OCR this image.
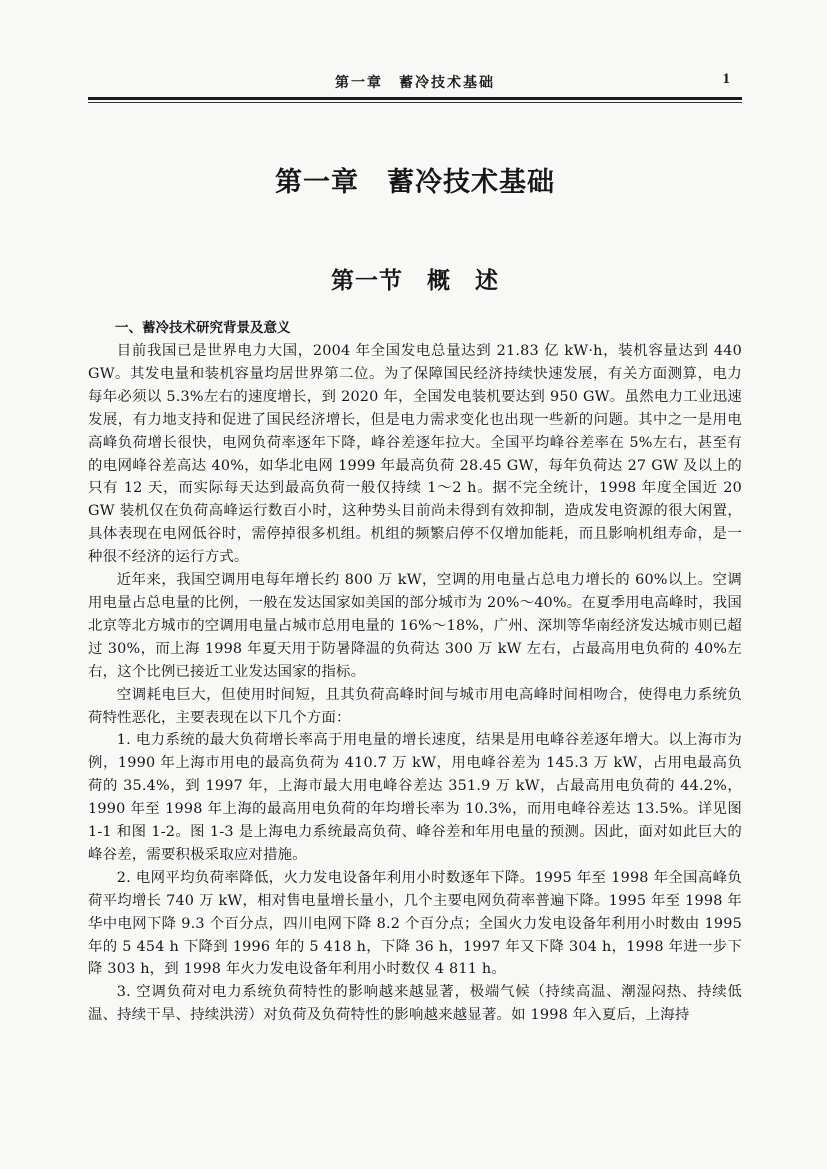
第一章　蓄冷技术基础	1
第一章　蓄冷技术基础
第一节　概　述
一、蓄冷技术研究背景及意义

目前我国已是世界电力大国，2004 年全国发电总量达到 21.83 亿 kW·h，装机容量达到 440 GW。其发电量和装机容量均居世界第二位。为了保障国民经济持续快速发展，有关方面测算，电力每年必须以 5.3%左右的速度增长，到 2020 年，全国发电装机要达到 950 GW。虽然电力工业迅速发展，有力地支持和促进了国民经济增长，但是电力需求变化也出现一些新的问题。其中之一是用电高峰负荷增长很快，电网负荷率逐年下降，峰谷差逐年拉大。全国平均峰谷差率在 5%左右，甚至有的电网峰谷差高达 40%，如华北电网 1999 年最高负荷 28.45 GW，每年负荷达 27 GW 及以上的只有 12 天，而实际每天达到最高负荷一般仅持续 1～2 h。据不完全统计，1998 年度全国近 20 GW 装机仅在负荷高峰运行数百小时，这种势头目前尚未得到有效抑制，造成发电资源的很大闲置，具体表现在电网低谷时，需停掉很多机组。机组的频繁启停不仅增加能耗，而且影响机组寿命，是一种很不经济的运行方式。

近年来，我国空调用电每年增长约 800 万 kW，空调的用电量占总电力增长的 60%以上。空调用电量占总电量的比例，一般在发达国家如美国的部分城市为 20%～40%。在夏季用电高峰时，我国北京等北方城市的空调用电量占城市总用电量的 16%～18%，广州、深圳等华南经济发达城市则已超过 30%，而上海 1998 年夏天用于防暑降温的负荷达 300 万 kW 左右，占最高用电负荷的 40%左右，这个比例已接近工业发达国家的指标。

空调耗电巨大，但使用时间短，且其负荷高峰时间与城市用电高峰时间相吻合，使得电力系统负荷特性恶化，主要表现在以下几个方面：

1. 电力系统的最大负荷增长率高于用电量的增长速度，结果是用电峰谷差逐年增大。以上海市为例，1990 年上海市用电的最高负荷为 410.7 万 kW，用电峰谷差为 145.3 万 kW，占用电最高负荷的 35.4%，到 1997 年，上海市最大用电峰谷差达 351.9 万 kW，占最高用电负荷的 44.2%，1990 年至 1998 年上海的最高用电负荷的年均增长率为 10.3%，而用电峰谷差达 13.5%。详见图 1-1 和图 1-2。图 1-3 是上海电力系统最高负荷、峰谷差和年用电量的预测。因此，面对如此巨大的峰谷差，需要积极采取应对措施。

2. 电网平均负荷率降低，火力发电设备年利用小时数逐年下降。1995 年至 1998 年全国高峰负荷平均增长 740 万 kW，相对售电量增长量小，几个主要电网负荷率普遍下降。1995 年至 1998 年华中电网下降 9.3 个百分点，四川电网下降 8.2 个百分点；全国火力发电设备年利用小时数由 1995 年的 5 454 h 下降到 1996 年的 5 418 h，下降 36 h，1997 年又下降 304 h，1998 年进一步下降 303 h，到 1998 年火力发电设备年利用小时数仅 4 811 h。

3. 空调负荷对电力系统负荷特性的影响越来越显著，极端气候（持续高温、潮湿闷热、持续低温、持续干旱、持续洪涝）对负荷及负荷特性的影响越来越显著。如 1998 年入夏后，上海持
